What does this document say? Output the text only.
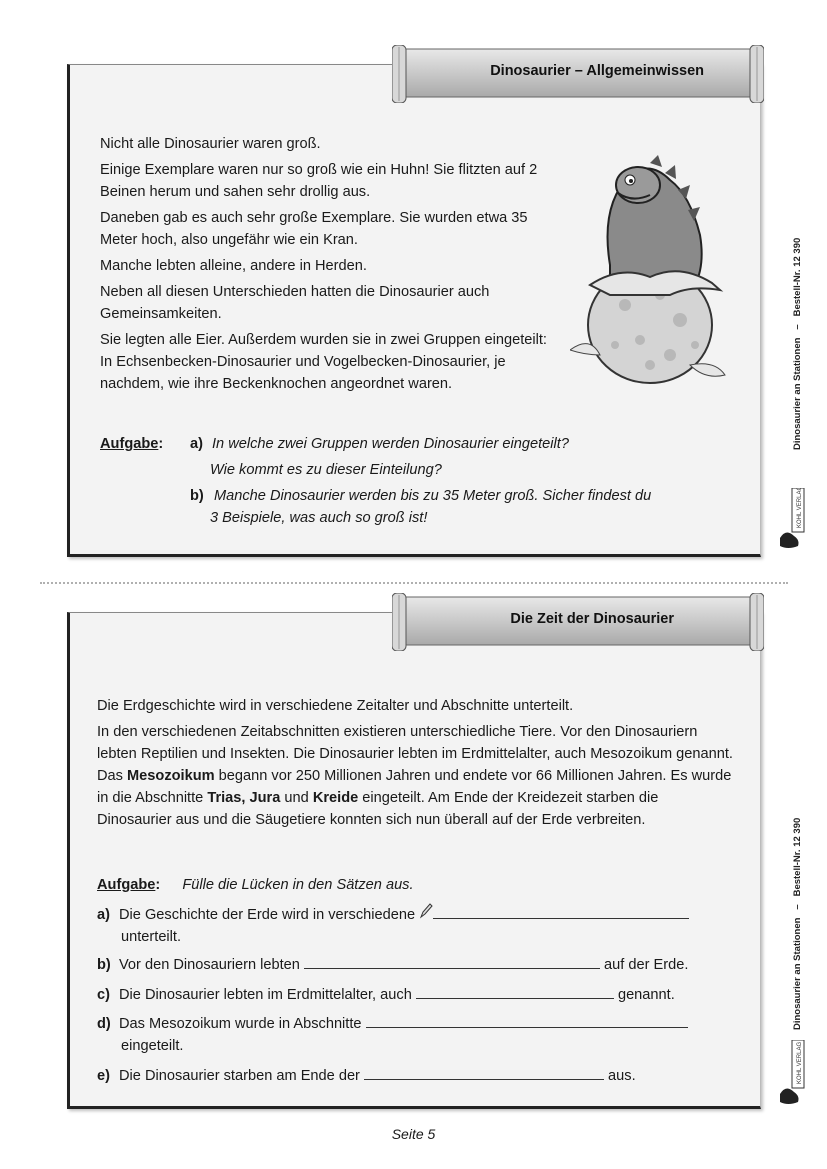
Dinosaurier – Allgemeinwissen

Nicht alle Dinosaurier waren groß.

Einige Exemplare waren nur so groß wie ein Huhn! Sie flitzten auf 2 Beinen herum und sahen sehr drollig aus.

Daneben gab es auch sehr große Exemplare. Sie wurden etwa 35 Meter hoch, also ungefähr wie ein Kran.

Manche lebten alleine, andere in Herden.

Neben all diesen Unterschieden hatten die Dinosaurier auch Gemeinsamkeiten.

Sie legten alle Eier. Außerdem wurden sie in zwei Gruppen eingeteilt: In Echsenbecken-Dinosaurier und Vogelbecken-Dinosaurier, je nachdem, wie ihre Beckenknochen angeordnet waren.

Aufgabe: a) In welche zwei Gruppen werden Dinosaurier eingeteilt?
Wie kommt es zu dieser Einteilung?
b) Manche Dinosaurier werden bis zu 35 Meter groß. Sicher findest du
3 Beispiele, was auch so groß ist!
Die Zeit der Dinosaurier

Die Erdgeschichte wird in verschiedene Zeitalter und Abschnitte unterteilt.

In den verschiedenen Zeitabschnitten existieren unterschiedliche Tiere. Vor den Dinosauriern lebten Reptilien und Insekten. Die Dinosaurier lebten im Erdmittelalter, auch Mesozoikum genannt. Das Mesozoikum begann vor 250 Millionen Jahren und endete vor 66 Millionen Jahren. Es wurde in die Abschnitte Trias, Jura und Kreide eingeteilt. Am Ende der Kreidezeit starben die Dinosaurier aus und die Säugetiere konnten sich nun überall auf der Erde verbreiten.

Aufgabe: Fülle die Lücken in den Sätzen aus.
a) Die Geschichte der Erde wird in verschiedene
unterteilt.
b) Vor den Dinosauriern lebten	auf der Erde.
c) Die Dinosaurier lebten im Erdmittelalter, auch	genannt.
d) Das Mesozoikum wurde in Abschnitte
eingeteilt.
e) Die Dinosaurier starben am Ende der	aus.
Dinosaurier an Stationen   –   Bestell-Nr. 12 390
KOHL VERLAG
Dinosaurier an Stationen   –   Bestell-Nr. 12 390
KOHL VERLAG
Seite 5
